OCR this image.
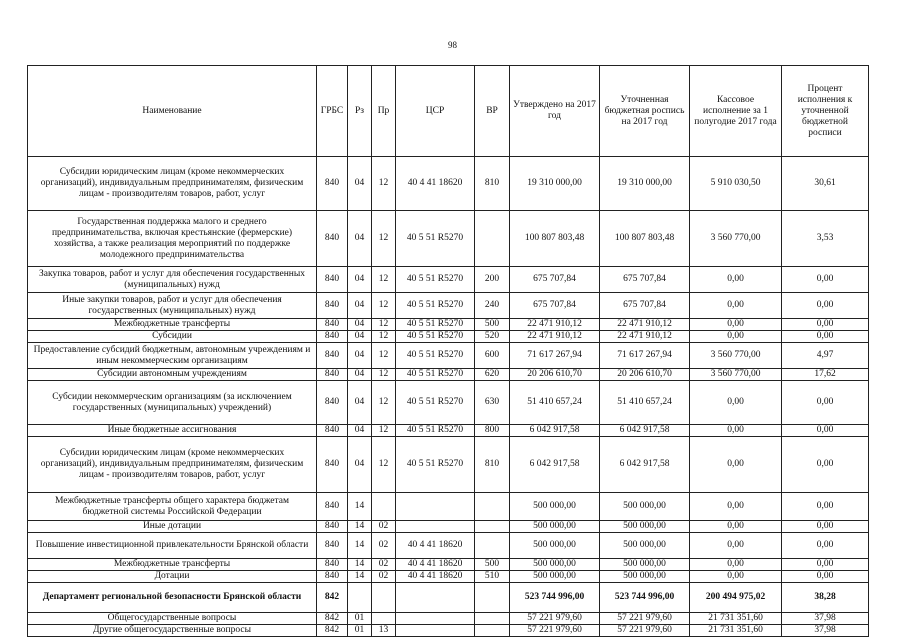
98
Наименование	ГРБС	Рз	Пр	ЦСР	ВР	Утверждено на 2017 год	Уточненная бюджетная роспись на 2017 год	Кассовое исполнение за 1 полугодие 2017 года	Процент исполнения к уточненной бюджетной росписи
Субсидии юридическим лицам (кроме некоммерческих организаций), индивидуальным предпринимателям, физическим лицам - производителям товаров, работ, услуг	840	04	12	40 4 41 18620	810	19 310 000,00	19 310 000,00	5 910 030,50	30,61
Государственная поддержка малого и среднего предпринимательства, включая крестьянские (фермерские) хозяйства, а также реализация мероприятий по поддержке молодежного предпринимательства	840	04	12	40 5 51 R5270		100 807 803,48	100 807 803,48	3 560 770,00	3,53
Закупка товаров, работ и услуг для обеспечения государственных (муниципальных) нужд	840	04	12	40 5 51 R5270	200	675 707,84	675 707,84	0,00	0,00
Иные закупки товаров, работ и услуг для обеспечения государственных (муниципальных) нужд	840	04	12	40 5 51 R5270	240	675 707,84	675 707,84	0,00	0,00
Межбюджетные трансферты	840	04	12	40 5 51 R5270	500	22 471 910,12	22 471 910,12	0,00	0,00
Субсидии	840	04	12	40 5 51 R5270	520	22 471 910,12	22 471 910,12	0,00	0,00
Предоставление субсидий бюджетным, автономным учреждениям и иным некоммерческим организациям	840	04	12	40 5 51 R5270	600	71 617 267,94	71 617 267,94	3 560 770,00	4,97
Субсидии автономным учреждениям	840	04	12	40 5 51 R5270	620	20 206 610,70	20 206 610,70	3 560 770,00	17,62
Субсидии некоммерческим организациям (за исключением государственных (муниципальных) учреждений)	840	04	12	40 5 51 R5270	630	51 410 657,24	51 410 657,24	0,00	0,00
Иные бюджетные ассигнования	840	04	12	40 5 51 R5270	800	6 042 917,58	6 042 917,58	0,00	0,00
Субсидии юридическим лицам (кроме некоммерческих организаций), индивидуальным предпринимателям, физическим лицам - производителям товаров, работ, услуг	840	04	12	40 5 51 R5270	810	6 042 917,58	6 042 917,58	0,00	0,00
Межбюджетные трансферты общего характера бюджетам бюджетной системы Российской Федерации	840	14				500 000,00	500 000,00	0,00	0,00
Иные дотации	840	14	02			500 000,00	500 000,00	0,00	0,00
Повышение инвестиционной привлекательности Брянской области	840	14	02	40 4 41 18620		500 000,00	500 000,00	0,00	0,00
Межбюджетные трансферты	840	14	02	40 4 41 18620	500	500 000,00	500 000,00	0,00	0,00
Дотации	840	14	02	40 4 41 18620	510	500 000,00	500 000,00	0,00	0,00
Департамент региональной безопасности Брянской области	842					523 744 996,00	523 744 996,00	200 494 975,02	38,28
Общегосударственные вопросы	842	01				57 221 979,60	57 221 979,60	21 731 351,60	37,98
Другие общегосударственные вопросы	842	01	13			57 221 979,60	57 221 979,60	21 731 351,60	37,98
